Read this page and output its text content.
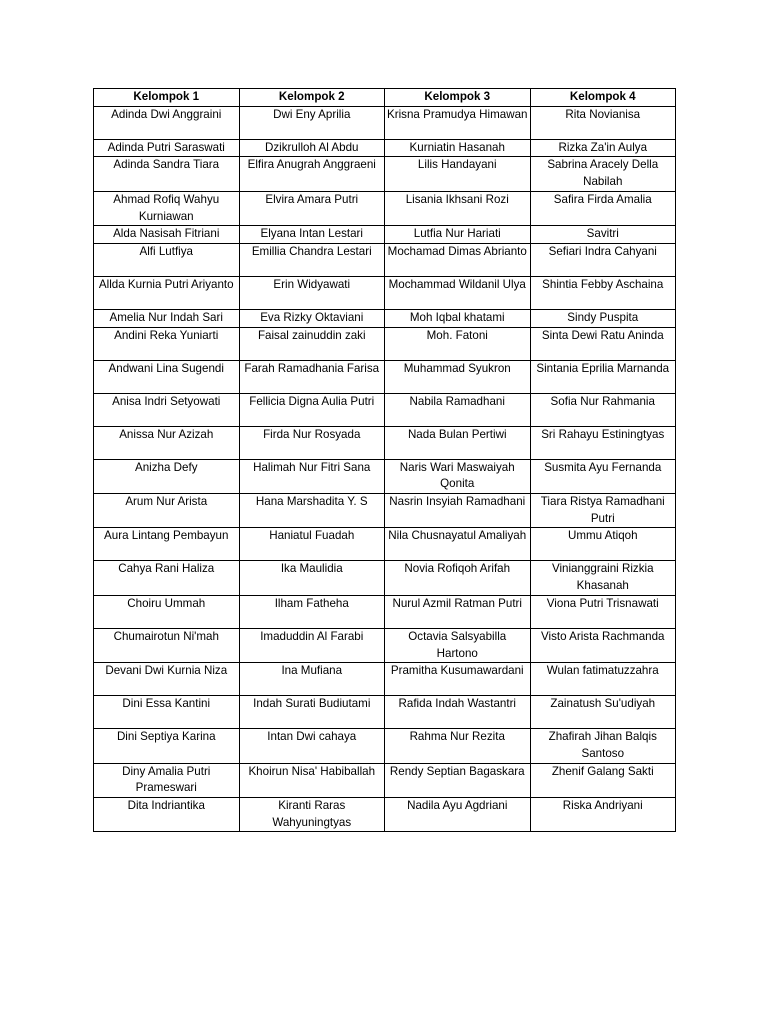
Kelompok 1	Kelompok 2	Kelompok 3	Kelompok 4
Adinda Dwi Anggraini	Dwi Eny Aprilia	Krisna Pramudya Himawan	Rita Novianisa
Adinda Putri Saraswati	Dzikrulloh Al Abdu	Kurniatin Hasanah	Rizka Za'in Aulya
Adinda Sandra Tiara	Elfira Anugrah Anggraeni	Lilis Handayani	Sabrina Aracely Della Nabilah
Ahmad Rofiq Wahyu Kurniawan	Elvira Amara Putri	Lisania Ikhsani Rozi	Safira Firda Amalia
Alda Nasisah Fitriani	Elyana Intan Lestari	Lutfia Nur Hariati	Savitri
Alfi Lutfiya	Emillia Chandra Lestari	Mochamad Dimas Abrianto	Sefiari Indra Cahyani
Allda Kurnia Putri Ariyanto	Erin Widyawati	Mochammad Wildanil Ulya	Shintia Febby Aschaina
Amelia Nur Indah Sari	Eva Rizky Oktaviani	Moh Iqbal khatami	Sindy Puspita
Andini Reka Yuniarti	Faisal zainuddin zaki	Moh. Fatoni	Sinta Dewi Ratu Aninda
Andwani Lina Sugendi	Farah Ramadhania Farisa	Muhammad Syukron	Sintania Eprilia Marnanda
Anisa Indri Setyowati	Fellicia Digna Aulia Putri	Nabila Ramadhani	Sofia Nur Rahmania
Anissa Nur Azizah	Firda Nur Rosyada	Nada Bulan Pertiwi	Sri Rahayu Estiningtyas
Anizha Defy	Halimah Nur Fitri Sana	Naris Wari Maswaiyah Qonita	Susmita Ayu Fernanda
Arum Nur Arista	Hana Marshadita Y. S	Nasrin Insyiah Ramadhani	Tiara Ristya Ramadhani Putri
Aura Lintang Pembayun	Haniatul Fuadah	Nila Chusnayatul Amaliyah	Ummu Atiqoh
Cahya Rani Haliza	Ika Maulidia	Novia Rofiqoh Arifah	Vinianggraini Rizkia Khasanah
Choiru Ummah	Ilham Fatheha	Nurul Azmil Ratman Putri	Viona Putri Trisnawati
Chumairotun Ni'mah	Imaduddin Al Farabi	Octavia Salsyabilla Hartono	Visto Arista Rachmanda
Devani Dwi Kurnia Niza	Ina Mufiana	Pramitha Kusumawardani	Wulan fatimatuzzahra
Dini Essa Kantini	Indah Surati Budiutami	Rafida Indah Wastantri	Zainatush Su'udiyah
Dini Septiya Karina	Intan Dwi cahaya	Rahma Nur Rezita	Zhafirah Jihan Balqis Santoso
Diny Amalia Putri Prameswari	Khoirun Nisa' Habiballah	Rendy Septian Bagaskara	Zhenif Galang Sakti
Dita Indriantika	Kiranti Raras Wahyuningtyas	Nadila Ayu Agdriani	Riska Andriyani
